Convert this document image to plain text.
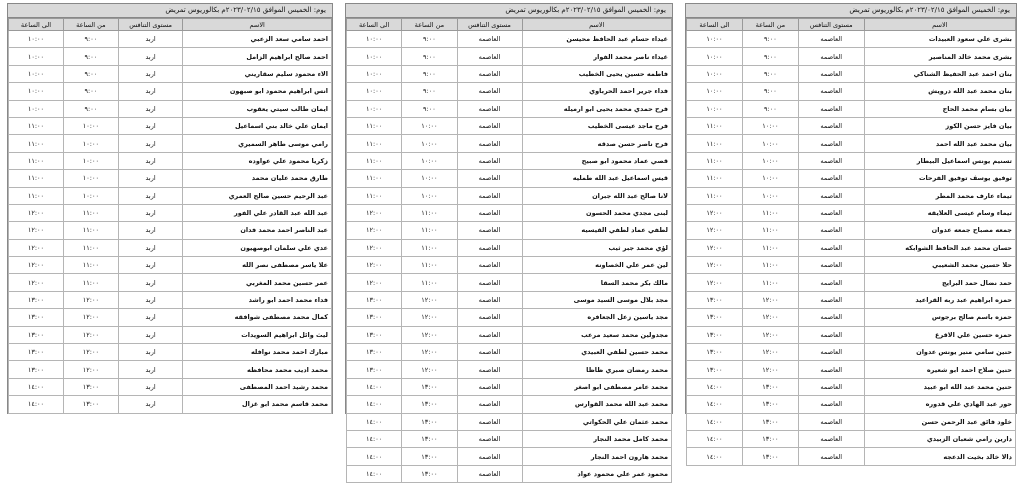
يوم: الخميس الموافق ٢٠٢٣/٠٢/١٥م بكالوريوس تمريض
الى الساعة	من الساعة	مستوى التنافس	الاسم
١٠:٠٠	٩:٠٠	اربد	احمد سامي سعد الزعبي
١٠:٠٠	٩:٠٠	اربد	احمد صالح ابراهيم الزامل
١٠:٠٠	٩:٠٠	اربد	الاء محمود سليم سقاريني
١٠:٠٠	٩:٠٠	اربد	انس ابراهيم محمود ابو صبهون
١٠:٠٠	٩:٠٠	اربد	ايمان طالب سيتي يعقوب
١١:٠٠	١٠:٠٠	اربد	ايمان علي خالد بني اسماعيل
١١:٠٠	١٠:٠٠	اربد	رامي موسى طاهر السميري
١١:٠٠	١٠:٠٠	اربد	زكريا محمود علي عواوده
١١:٠٠	١٠:٠٠	اربد	طارق محمد عليان محمد
١١:٠٠	١٠:٠٠	اربد	عبد الرحيم حسين صالح العمري
١٢:٠٠	١١:٠٠	اربد	عبد الله عبد القادر علي الفور
١٢:٠٠	١١:٠٠	اربد	عبد الناصر احمد محمد فدان
١٢:٠٠	١١:٠٠	اربد	عدي علي سلمان ابوصهيون
١٢:٠٠	١١:٠٠	اربد	علا ياسر مصطفى نصر الله
١٢:٠٠	١١:٠٠	اربد	عمر حسين محمد المغربي
١٣:٠٠	١٢:٠٠	اربد	فداء محمد احمد ابو راشد
١٣:٠٠	١٢:٠٠	اربد	كمال محمد مصطفى شوافقه
١٣:٠٠	١٢:٠٠	اربد	ليث وائل ابراهيم السويدات
١٣:٠٠	١٢:٠٠	اربد	مبارك احمد محمد نوافله
١٣:٠٠	١٢:٠٠	اربد	محمد اديب محمد محافظه
١٤:٠٠	١٣:٠٠	اربد	محمد رشيد احمد المصطفى
١٤:٠٠	١٣:٠٠	اربد	محمد قاسم محمد ابو غزال
يوم: الخميس الموافق ٢٠٢٣/٠٢/١٥م بكالوريوس تمريض
الى الساعة	من الساعة	مستوى التنافس	الاسم
١٠:٠٠	٩:٠٠	العاصمه	غيداء حسام عبد الحافظ محيسن
١٠:٠٠	٩:٠٠	العاصمه	غيداء ناصر محمد الفوار
١٠:٠٠	٩:٠٠	العاصمه	فاطمه حسين يحيى الخطيب
١٠:٠٠	٩:٠٠	العاصمه	فداء جرير احمد الحرباوي
١٠:٠٠	٩:٠٠	العاصمه	فرح حمدي محمد يحيى ابو ارميله
١١:٠٠	١٠:٠٠	العاصمه	فرح ماجد عيسى الخطيب
١١:٠٠	١٠:٠٠	العاصمه	فرح ناصر حسن صدقه
١١:٠٠	١٠:٠٠	العاصمه	قصي عماد محمود ابو صبيح
١١:٠٠	١٠:٠٠	العاصمه	قيس اسماعيل عبد الله طمليه
١١:٠٠	١٠:٠٠	العاصمه	لانا صالح عبد الله جبران
١٢:٠٠	١١:٠٠	العاصمه	لبنى مجدي محمد الحسون
١٢:٠٠	١١:٠٠	العاصمه	لطفي عماد لطفي القيسيه
١٢:٠٠	١١:٠٠	العاصمه	لؤي محمد جبر ثيب
١٢:٠٠	١١:٠٠	العاصمه	لين عمر علي الخصاونه
١٢:٠٠	١١:٠٠	العاصمه	مالك بكر محمد السقا
١٣:٠٠	١٢:٠٠	العاصمه	مجد بلال موسى السيد موسى
١٣:٠٠	١٢:٠٠	العاصمه	مجد ياسين زعل الجعافره
١٣:٠٠	١٢:٠٠	العاصمه	مجدولين محمد سعيد مرعب
١٣:٠٠	١٢:٠٠	العاصمه	محمد حسين لطفي العبيدي
١٣:٠٠	١٢:٠٠	العاصمه	محمد رمضان صبري ظاظا
١٤:٠٠	١٣:٠٠	العاصمه	محمد عامر مصطفى ابو اصغر
١٤:٠٠	١٣:٠٠	العاصمه	محمد عبد الله محمد القوارس
١٤:٠٠	١٣:٠٠	العاصمه	محمد عثمان علي الحكواتي
١٤:٠٠	١٣:٠٠	العاصمه	محمد كامل محمد النجار
١٤:٠٠	١٣:٠٠	العاصمه	محمد هارون احمد النجار
١٤:٠٠	١٣:٠٠	العاصمه	محمود عمر علي محمود عواد
يوم: الخميس الموافق ٢٠٢٣/٠٢/١٥م بكالوريوس تمريض
الى الساعة	من الساعة	مستوى التنافس	الاسم
١٠:٠٠	٩:٠٠	العاصمه	بشرى علي سعود العبيدات
١٠:٠٠	٩:٠٠	العاصمه	بشرى محمد خالد المناصير
١٠:٠٠	٩:٠٠	العاصمه	بنان احمد عبد الحفيظ الشناكي
١٠:٠٠	٩:٠٠	العاصمه	بنان محمد عبد الله درويش
١٠:٠٠	٩:٠٠	العاصمه	بيان بسام محمد الحاج
١١:٠٠	١٠:٠٠	العاصمه	بيان فايز حسن الكوز
١١:٠٠	١٠:٠٠	العاصمه	بيان محمد عبد الله احمد
١١:٠٠	١٠:٠٠	العاصمه	تسنيم يونس اسماعيل البيطار
١١:٠٠	١٠:٠٠	العاصمه	توفيق يوسف توفيق الفرحات
١١:٠٠	١٠:٠٠	العاصمه	تيماء عارف محمد المطر
١٢:٠٠	١١:٠٠	العاصمه	تيماء وسام عيسى العلايقه
١٢:٠٠	١١:٠٠	العاصمه	جمعه مصباح جمعه عدوان
١٢:٠٠	١١:٠٠	العاصمه	حسان محمد عبد الحافظ الشوابكه
١٢:٠٠	١١:٠٠	العاصمه	حلا حسين محمد الشعيبي
١٢:٠٠	١١:٠٠	العاصمه	حمد نضال حمد البرايج
١٣:٠٠	١٢:٠٠	العاصمه	حمزه ابراهيم عبد ربه القراعيد
١٣:٠٠	١٢:٠٠	العاصمه	حمزه باسم صالح برجوس
١٣:٠٠	١٢:٠٠	العاصمه	حمزه حسين علي الاقرع
١٣:٠٠	١٢:٠٠	العاصمه	حنين سامي منير يونس عدوان
١٣:٠٠	١٢:٠٠	العاصمه	حنين صلاح احمد ابو شعيره
١٤:٠٠	١٣:٠٠	العاصمه	حنين محمد عبد الله ابو عبيد
١٤:٠٠	١٣:٠٠	العاصمه	حور عبد الهادي علي قدوره
١٤:٠٠	١٣:٠٠	العاصمه	خلود فائق عبد الرحمن حسن
١٤:٠٠	١٣:٠٠	العاصمه	دارين رامي شعبان الزبيدي
١٤:٠٠	١٣:٠٠	العاصمه	دالا خالد بخيت الدعجه
